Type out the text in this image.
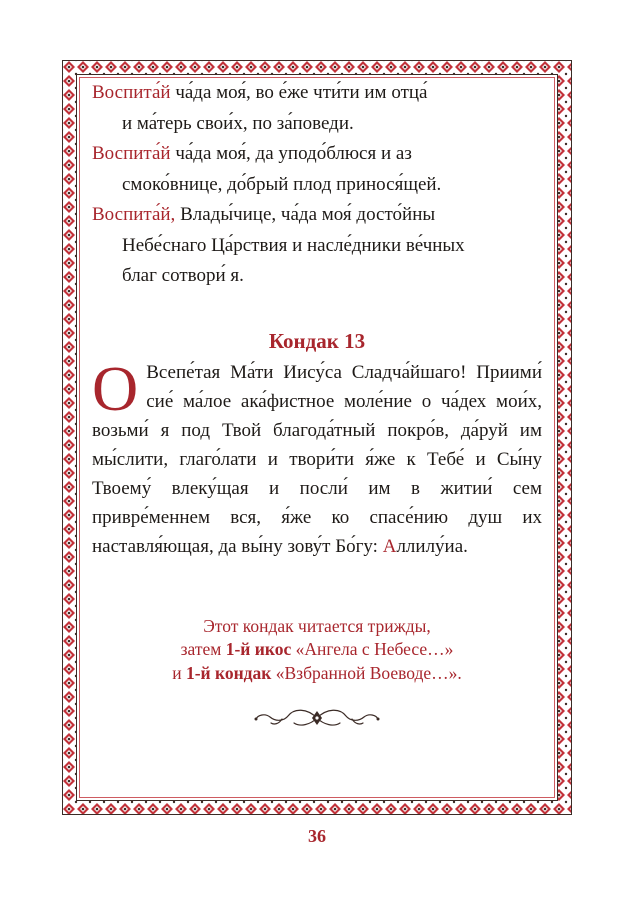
Воспита́й ча́да моя́, во е́же чти́ти им отца́
и ма́терь свои́х, по за́поведи.

Воспита́й ча́да моя́, да уподо́блюся и аз
смоко́внице, до́брый плод принося́щей.

Воспита́й, Влады́чице, ча́да моя́ досто́йны
Небе́снаго Ца́рствия и насле́дники ве́чных
благ сотвори́ я.

Кондак 13
О Всепе́тая Ма́ти Иису́са Сладча́йшаго! Приими́ сие́ ма́лое ака́фистное моле́ние о ча́дех мои́х, возьми́ я под Твой благода́тный покро́в, да́руй им мы́слити, глаго́лати и твори́ти я́же к Тебе́ и Сы́ну Твоему́ влеку́щая и посли́ им в житии́ сем привре́меннем вся, я́же ко спасе́нию душ их наставля́ющая, да вы́ну зову́т Бо́гу: Аллилу́иа.
Этот кондак читается трижды,
затем 1-й икос «Ангела с Небесе…»
и 1-й кондак «Взбранной Воеводе…».
36
